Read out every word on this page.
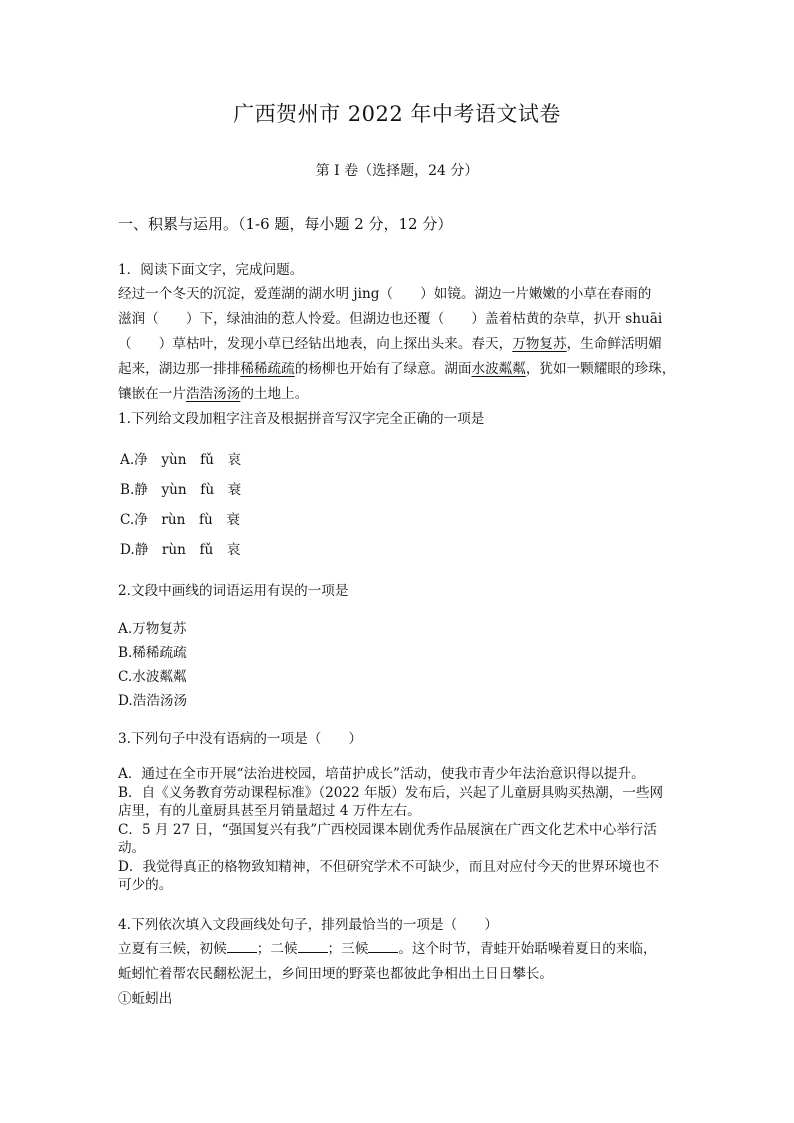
广西贺州市 2022 年中考语文试卷
第 I 卷（选择题，24 分）
一、积累与运用。（1-6 题，每小题 2 分，12 分）
1．阅读下面文字，完成问题。
经过一个冬天的沉淀，爱莲湖的湖水明 jing（　　）如镜。湖边一片嫩嫩的小草在春雨的
滋润（　　）下，绿油油的惹人怜爱。但湖边也还覆（　　）盖着枯黄的杂草，扒开 shuāi
（　　）草枯叶，发现小草已经钻出地表，向上探出头来。春天，万物复苏，生命鲜活明媚
起来，湖边那一排排稀稀疏疏的杨柳也开始有了绿意。湖面水波粼粼，犹如一颗耀眼的珍珠，
镶嵌在一片浩浩汤汤的土地上。
1.下列给文段加粗字注音及根据拼音写汉字完全正确的一项是
A.净　yùn　fǔ　哀
B.静　yùn　fù　衰
C.净　rùn　fù　衰
D.静　rùn　fǔ　哀
2.文段中画线的词语运用有误的一项是
A.万物复苏
B.稀稀疏疏
C.水波粼粼
D.浩浩汤汤
3.下列句子中没有语病的一项是（　　）
A．通过在全市开展“法治进校园，培苗护成长”活动，使我市青少年法治意识得以提升。
B．自《义务教育劳动课程标准》（2022 年版）发布后，兴起了儿童厨具购买热潮，一些网
店里，有的儿童厨具甚至月销量超过 4 万件左右。
C．5 月 27 日，“强国复兴有我”广西校园课本剧优秀作品展演在广西文化艺术中心举行活动。
D．我觉得真正的格物致知精神，不但研究学术不可缺少，而且对应付今天的世界环境也不
可少的。
4.下列依次填入文段画线处句子，排列最恰当的一项是（　　）
立夏有三候，初候 ；二候 ；三候 。这个时节，青蛙开始聒噪着夏日的来临，
蚯蚓忙着帮农民翻松泥土，乡间田埂的野菜也都彼此争相出土日日攀长。
①蚯蚓出
